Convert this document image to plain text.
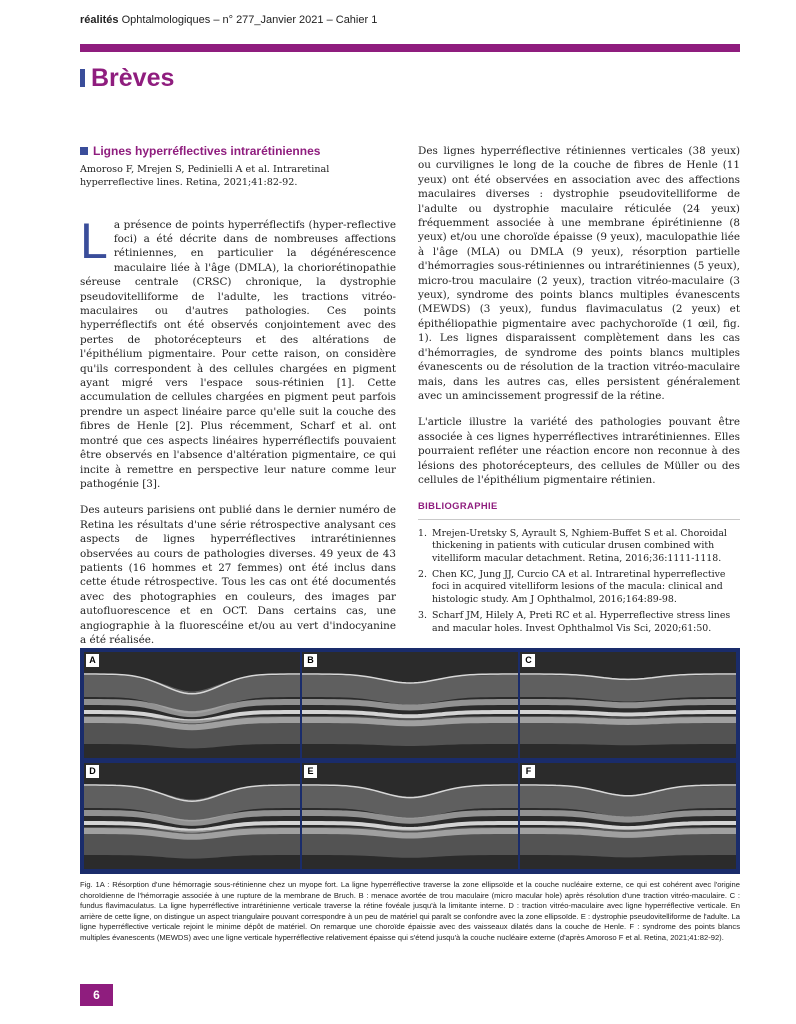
réalités Ophtalmologiques – n° 277_Janvier 2021 – Cahier 1
Brèves
Lignes hyperréflectives intrarétiniennes
Amoroso F, Mrejen S, Pedinielli A et al. Intraretinal hyperreflective lines. Retina, 2021;41:82-92.
La présence de points hyperréflectifs (hyper-reflective foci) a été décrite dans de nombreuses affections rétiniennes, en particulier la dégénérescence maculaire liée à l'âge (DMLA), la choriorétinopathie séreuse centrale (CRSC) chronique, la dystrophie pseudovitelliforme de l'adulte, les tractions vitréo-maculaires ou d'autres pathologies. Ces points hyperréflectifs ont été observés conjointement avec des pertes de photorécepteurs et des altérations de l'épithélium pigmentaire. Pour cette raison, on considère qu'ils correspondent à des cellules chargées en pigment ayant migré vers l'espace sous-rétinien [1]. Cette accumulation de cellules chargées en pigment peut parfois prendre un aspect linéaire parce qu'elle suit la couche des fibres de Henle [2]. Plus récemment, Scharf et al. ont montré que ces aspects linéaires hyperréflectifs pouvaient être observés en l'absence d'altération pigmentaire, ce qui incite à remettre en perspective leur nature comme leur pathogénie [3].
Des auteurs parisiens ont publié dans le dernier numéro de Retina les résultats d'une série rétrospective analysant ces aspects de lignes hyperréflectives intrarétiniennes observées au cours de pathologies diverses. 49 yeux de 43 patients (16 hommes et 27 femmes) ont été inclus dans cette étude rétrospective. Tous les cas ont été documentés avec des photographies en couleurs, des images par autofluorescence et en OCT. Dans certains cas, une angiographie à la fluorescéine et/ou au vert d'indocyanine a été réalisée.
Des lignes hyperréflective rétiniennes verticales (38 yeux) ou curvilignes le long de la couche de fibres de Henle (11 yeux) ont été observées en association avec des affections maculaires diverses : dystrophie pseudovitelliforme de l'adulte ou dystrophie maculaire réticulée (24 yeux) fréquemment associée à une membrane épirétinienne (8 yeux) et/ou une choroïde épaisse (9 yeux), maculopathie liée à l'âge (MLA) ou DMLA (9 yeux), résorption partielle d'hémorragies sous-rétiniennes ou intrarétiniennes (5 yeux), micro-trou maculaire (2 yeux), traction vitréo-maculaire (3 yeux), syndrome des points blancs multiples évanescents (MEWDS) (3 yeux), fundus flavimaculatus (2 yeux) et épithéliopathie pigmentaire avec pachychoroïde (1 œil, fig. 1). Les lignes disparaissent complètement dans les cas d'hémorragies, de syndrome des points blancs multiples évanescents ou de résolution de la traction vitréo-maculaire mais, dans les autres cas, elles persistent généralement avec un amincissement progressif de la rétine.
L'article illustre la variété des pathologies pouvant être associée à ces lignes hyperréflectives intrarétiniennes. Elles pourraient refléter une réaction encore non reconnue à des lésions des photorécepteurs, des cellules de Müller ou des cellules de l'épithélium pigmentaire rétinien.
BIBLIOGRAPHIE
1. Mrejen-Uretsky S, Ayrault S, Nghiem-Buffet S et al. Choroidal thickening in patients with cuticular drusen combined with vitelliform macular detachment. Retina, 2016;36:1111-1118.
2. Chen KC, Jung JJ, Curcio CA et al. Intraretinal hyperreflective foci in acquired vitelliform lesions of the macula: clinical and histologic study. Am J Ophthalmol, 2016;164:89-98.
3. Scharf JM, Hilely A, Preti RC et al. Hyperreflective stress lines and macular holes. Invest Ophthalmol Vis Sci, 2020;61:50.
A	B	C
D	E	F
Fig. 1A : Résorption d'une hémorragie sous-rétinienne chez un myope fort. La ligne hyperréflective traverse la zone ellipsoïde et la couche nucléaire externe, ce qui est cohérent avec l'origine choroïdienne de l'hémorragie associée à une rupture de la membrane de Bruch. B : menace avortée de trou maculaire (micro macular hole) après résolution d'une traction vitréo-maculaire. C : fundus flavimaculatus. La ligne hyperréflective intrarétinienne verticale traverse la rétine fovéale jusqu'à la limitante interne. D : traction vitréo-maculaire avec ligne hyperréflective verticale. En arrière de cette ligne, on distingue un aspect triangulaire pouvant correspondre à un peu de matériel qui paraît se confondre avec la zone ellipsoïde. E : dystrophie pseudovitelliforme de l'adulte. La ligne hyperréflective verticale rejoint le minime dépôt de matériel. On remarque une choroïde épaissie avec des vaisseaux dilatés dans la couche de Henle. F : syndrome des points blancs multiples évanescents (MEWDS) avec une ligne verticale hyperréflective relativement épaisse qui s'étend jusqu'à la couche nucléaire externe (d'après Amoroso F et al. Retina, 2021;41:82-92).
6
